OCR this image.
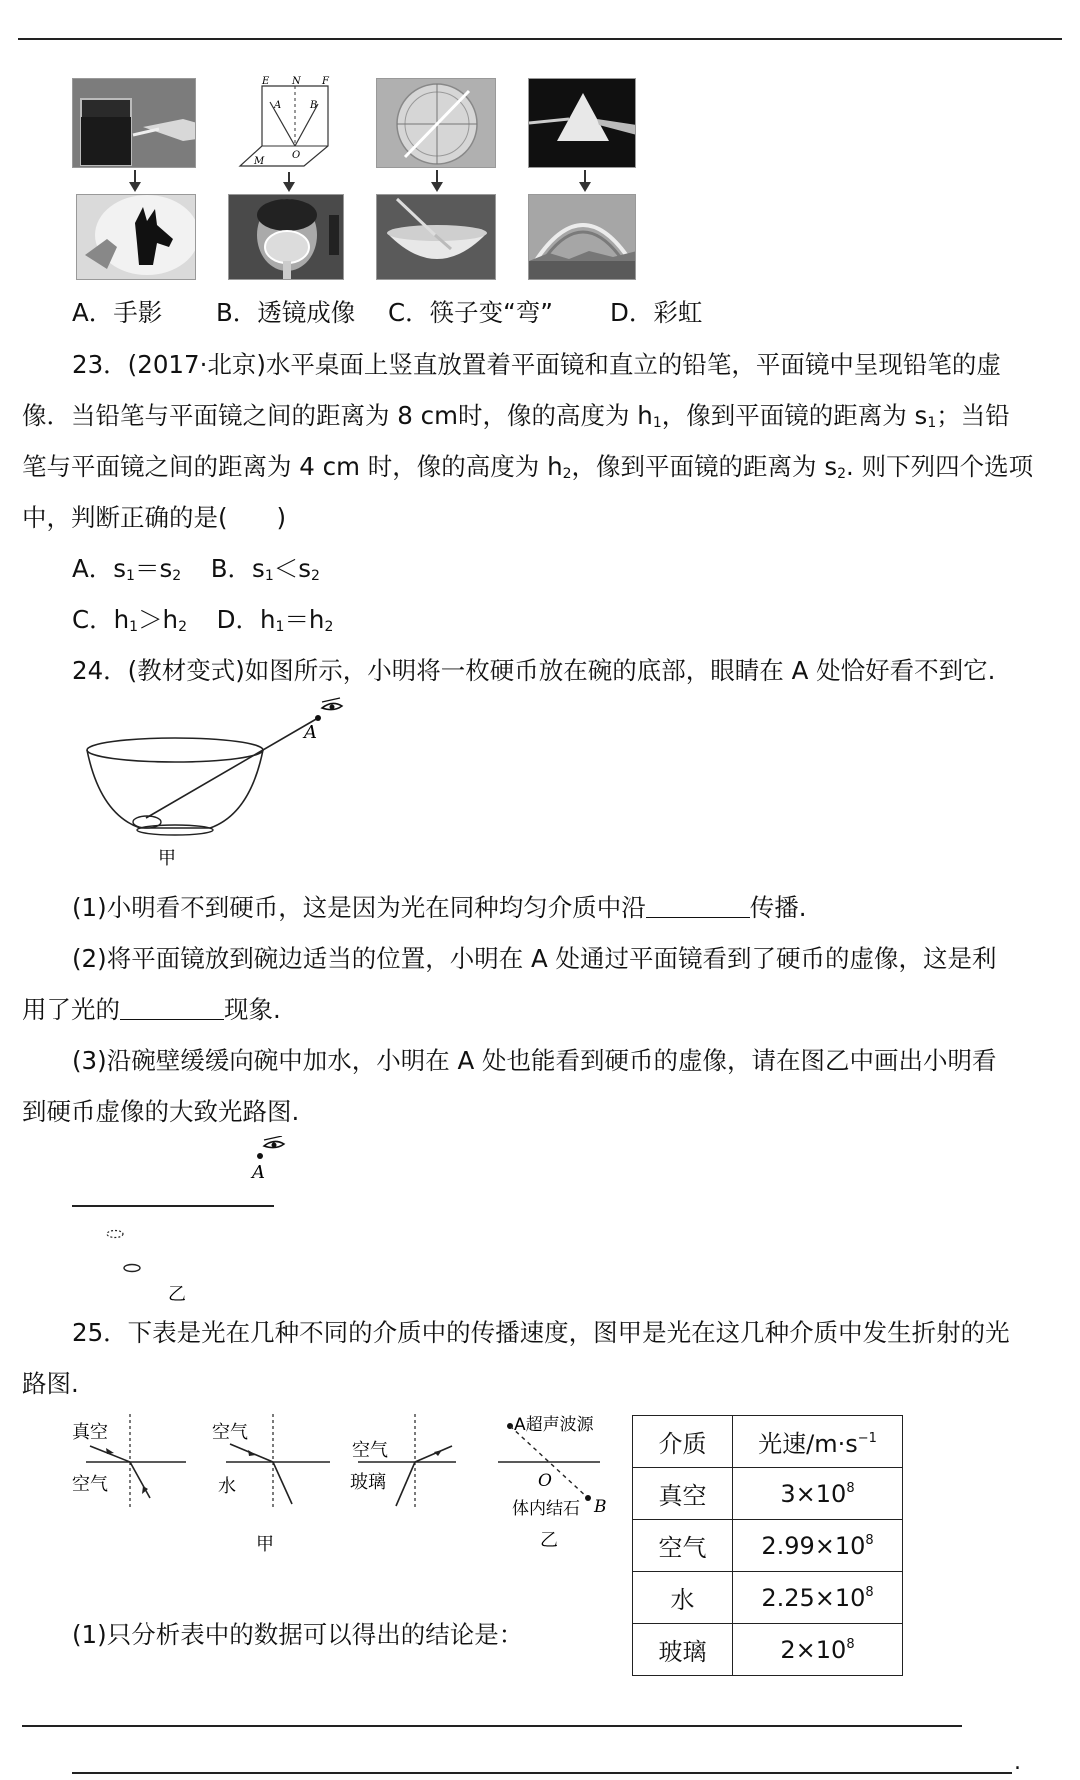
E N F
A	B
O
M
A．手影 B．透镜成像 C．筷子变“弯” D．彩虹
23．(2017·北京)水平桌面上竖直放置着平面镜和直立的铅笔，平面镜中呈现铅笔的虚
像．当铅笔与平面镜之间的距离为 8 cm时，像的高度为 $h_1$，像到平面镜的距离为 $s_1$；当铅
笔与平面镜之间的距离为 4 cm 时，像的高度为 $h_2$，像到平面镜的距离为 $s_2$. 则下列四个选项
中，判断正确的是(　　)
A．$s_1=s_2$ B．$s_1<s_2$
C．$h_1>h_2$ D．$h_1=h_2$
24．(教材变式)如图所示，小明将一枚硬币放在碗的底部，眼睛在 A 处恰好看不到它.
A
甲
(1)小明看不到硬币，这是因为光在同种均匀介质中沿	传播.
(2)将平面镜放到碗边适当的位置，小明在 A 处通过平面镜看到了硬币的虚像，这是利
用了光的	现象.
(3)沿碗壁缓缓向碗中加水，小明在 A 处也能看到硬币的虚像，请在图乙中画出小明看
到硬币虚像的大致光路图.
A
乙
25．下表是光在几种不同的介质中的传播速度，图甲是光在这几种介质中发生折射的光
路图.
真空
空气
空气
水
空气
玻璃
甲
A超声波源
O
体内结石 B
乙
介质	光速$/m\cdot s^{-1}$
真空	$3\times 10^8$
空气	$2.99\times 10^8$
水	$2.25\times 10^8$
玻璃	$2\times 10^8$
(1)只分析表中的数据可以得出的结论是：
.
